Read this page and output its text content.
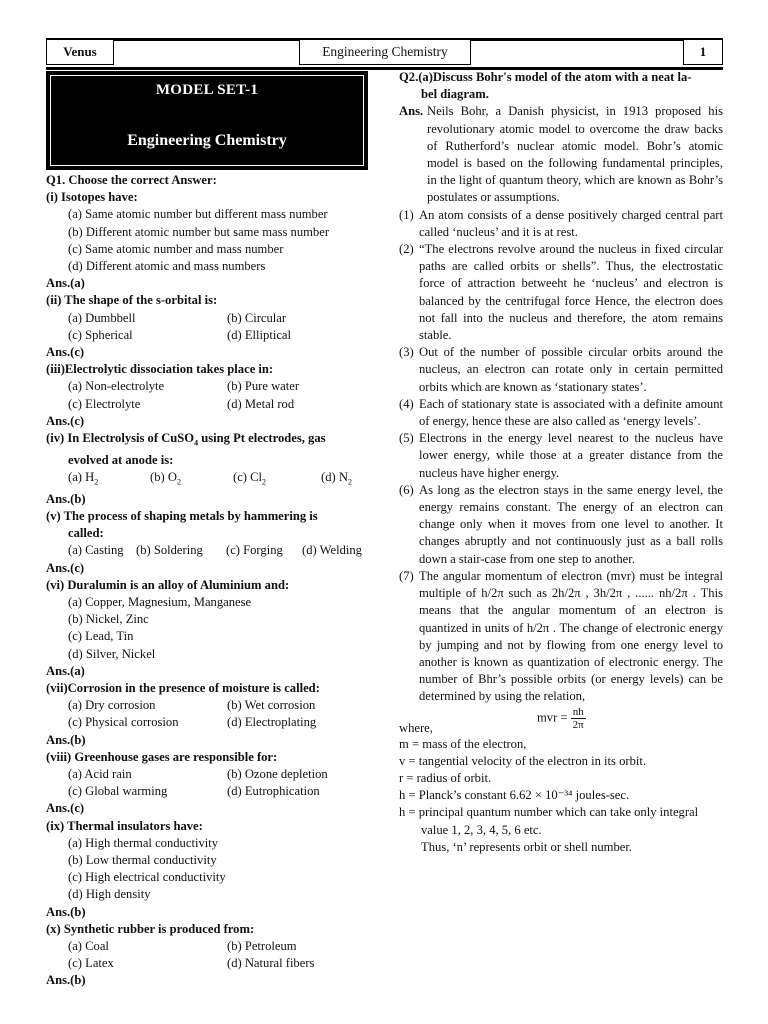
Venus	Engineering Chemistry	1
MODEL SET-1
Engineering Chemistry
Q1. Choose the correct Answer:
(i) Isotopes have:
(a) Same atomic number but different mass number
(b) Different atomic number but same mass number
(c) Same atomic number and mass number
(d) Different atomic and mass numbers
Ans.(a)
(ii) The shape of the s-orbital is:
(a) Dumbbell	(b) Circular
(c) Spherical	(d) Elliptical
Ans.(c)
(iii)Electrolytic dissociation takes place in:
(a) Non-electrolyte	(b) Pure water
(c) Electrolyte	(d) Metal rod
Ans.(c)
(iv) In Electrolysis of CuSO$_4$ using Pt electrodes, gas
evolved at anode is:
(a) $H_2$	(b) $O_2$	(c) $Cl_2$	(d) $N_2$
Ans.(b)
(v) The process of shaping metals by hammering is
called:
(a) Casting (b) Soldering	(c) Forging	(d) Welding
Ans.(c)
(vi) Duralumin is an alloy of Aluminium and:
(a) Copper, Magnesium, Manganese
(b) Nickel, Zinc
(c) Lead, Tin
(d) Silver, Nickel
Ans.(a)
(vii)Corrosion in the presence of moisture is called:
(a) Dry corrosion	(b) Wet corrosion
(c) Physical corrosion	(d) Electroplating
Ans.(b)
(viii) Greenhouse gases are responsible for:
(a) Acid rain	(b) Ozone depletion
(c) Global warming	(d) Eutrophication
Ans.(c)
(ix) Thermal insulators have:
(a) High thermal conductivity
(b) Low thermal conductivity
(c) High electrical conductivity
(d) High density
Ans.(b)
(x) Synthetic rubber is produced from:
(a) Coal	(b) Petroleum
(c) Latex	(d) Natural fibers
Ans.(b)
Q2.(a)Discuss Bohr's model of the atom with a neat la-
bel diagram.
Ans. Neils Bohr, a Danish physicist, in 1913 proposed his revolutionary atomic model to overcome the draw backs of Rutherford’s nuclear atomic model. Bohr’s atomic model is based on the following fundamental principles, in the light of quantum theory, which are known as Bohr’s postulates or assumptions.
(1) An atom consists of a dense positively charged central part called ‘nucleus’ and it is at rest.
(2) “The electrons revolve around the nucleus in fixed circular paths are called orbits or shells”. Thus, the electrostatic force of attraction betweeht he ‘nucleus’ and electron is balanced by the centrifugal force Hence, the electron does not fall into the nucleus and therefore, the atom remains stable.
(3) Out of the number of possible circular orbits around the nucleus, an electron can rotate only in certain permitted orbits which are known as ‘stationary states’.
(4) Each of stationary state is associated with a definite amount of energy, hence these are also called as ‘energy levels’.
(5) Electrons in the energy level nearest to the nucleus have lower energy, while those at a greater distance from the nucleus have higher energy.
(6) As long as the electron stays in the same energy level, the energy remains constant. The energy of an electron can change only when it moves from one level to another. It changes abruptly and not continuously just as a ball rolls down a stair-case from one step to another.
(7) The angular momentum of electron (mvr) must be integral multiple of h/2π such as 2h/2π , 3h/2π , ...... nh/2π . This means that the angular momentum of an electron is quantized in units of h/2π . The change of electronic energy by jumping and not by flowing from one energy level to another is known as quantization of electronic energy. The number of Bhr’s possible orbits (or energy levels) can be determined by using the relation,
where,
mvr = $\frac{nh}{2\pi}$
m = mass of the electron,
v = tangential velocity of the electron in its orbit.
r = radius of orbit.
h = Planck’s constant 6.62 × 10⁻³⁴ joules-sec.
h = principal quantum number which can take only integral value 1, 2, 3, 4, 5, 6 etc.
Thus, ‘n’ represents orbit or shell number.
